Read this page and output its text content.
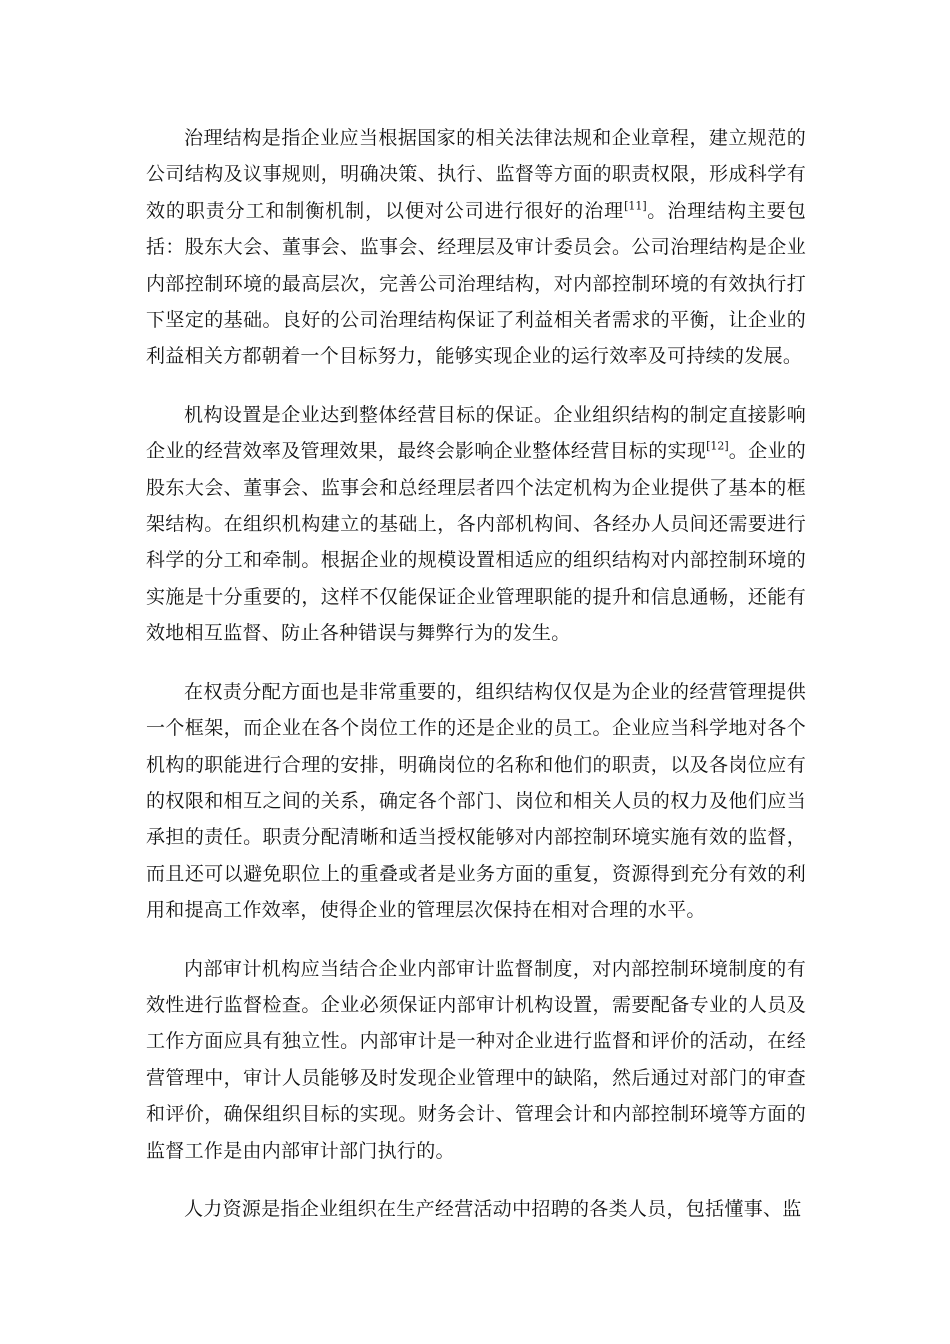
治理结构是指企业应当根据国家的相关法律法规和企业章程，建立规范的公司结构及议事规则，明确决策、执行、监督等方面的职责权限，形成科学有效的职责分工和制衡机制，以便对公司进行很好的治理[11]。治理结构主要包括：股东大会、董事会、监事会、经理层及审计委员会。公司治理结构是企业内部控制环境的最高层次，完善公司治理结构，对内部控制环境的有效执行打下坚定的基础。良好的公司治理结构保证了利益相关者需求的平衡，让企业的利益相关方都朝着一个目标努力，能够实现企业的运行效率及可持续的发展。

机构设置是企业达到整体经营目标的保证。企业组织结构的制定直接影响企业的经营效率及管理效果，最终会影响企业整体经营目标的实现[12]。企业的股东大会、董事会、监事会和总经理层者四个法定机构为企业提供了基本的框架结构。在组织机构建立的基础上，各内部机构间、各经办人员间还需要进行科学的分工和牵制。根据企业的规模设置相适应的组织结构对内部控制环境的实施是十分重要的，这样不仅能保证企业管理职能的提升和信息通畅，还能有效地相互监督、防止各种错误与舞弊行为的发生。

在权责分配方面也是非常重要的，组织结构仅仅是为企业的经营管理提供一个框架，而企业在各个岗位工作的还是企业的员工。企业应当科学地对各个机构的职能进行合理的安排，明确岗位的名称和他们的职责，以及各岗位应有的权限和相互之间的关系，确定各个部门、岗位和相关人员的权力及他们应当承担的责任。职责分配清晰和适当授权能够对内部控制环境实施有效的监督，而且还可以避免职位上的重叠或者是业务方面的重复，资源得到充分有效的利用和提高工作效率，使得企业的管理层次保持在相对合理的水平。

内部审计机构应当结合企业内部审计监督制度，对内部控制环境制度的有效性进行监督检查。企业必须保证内部审计机构设置，需要配备专业的人员及工作方面应具有独立性。内部审计是一种对企业进行监督和评价的活动，在经营管理中，审计人员能够及时发现企业管理中的缺陷，然后通过对部门的审查和评价，确保组织目标的实现。财务会计、管理会计和内部控制环境等方面的监督工作是由内部审计部门执行的。

人力资源是指企业组织在生产经营活动中招聘的各类人员，包括懂事、监
